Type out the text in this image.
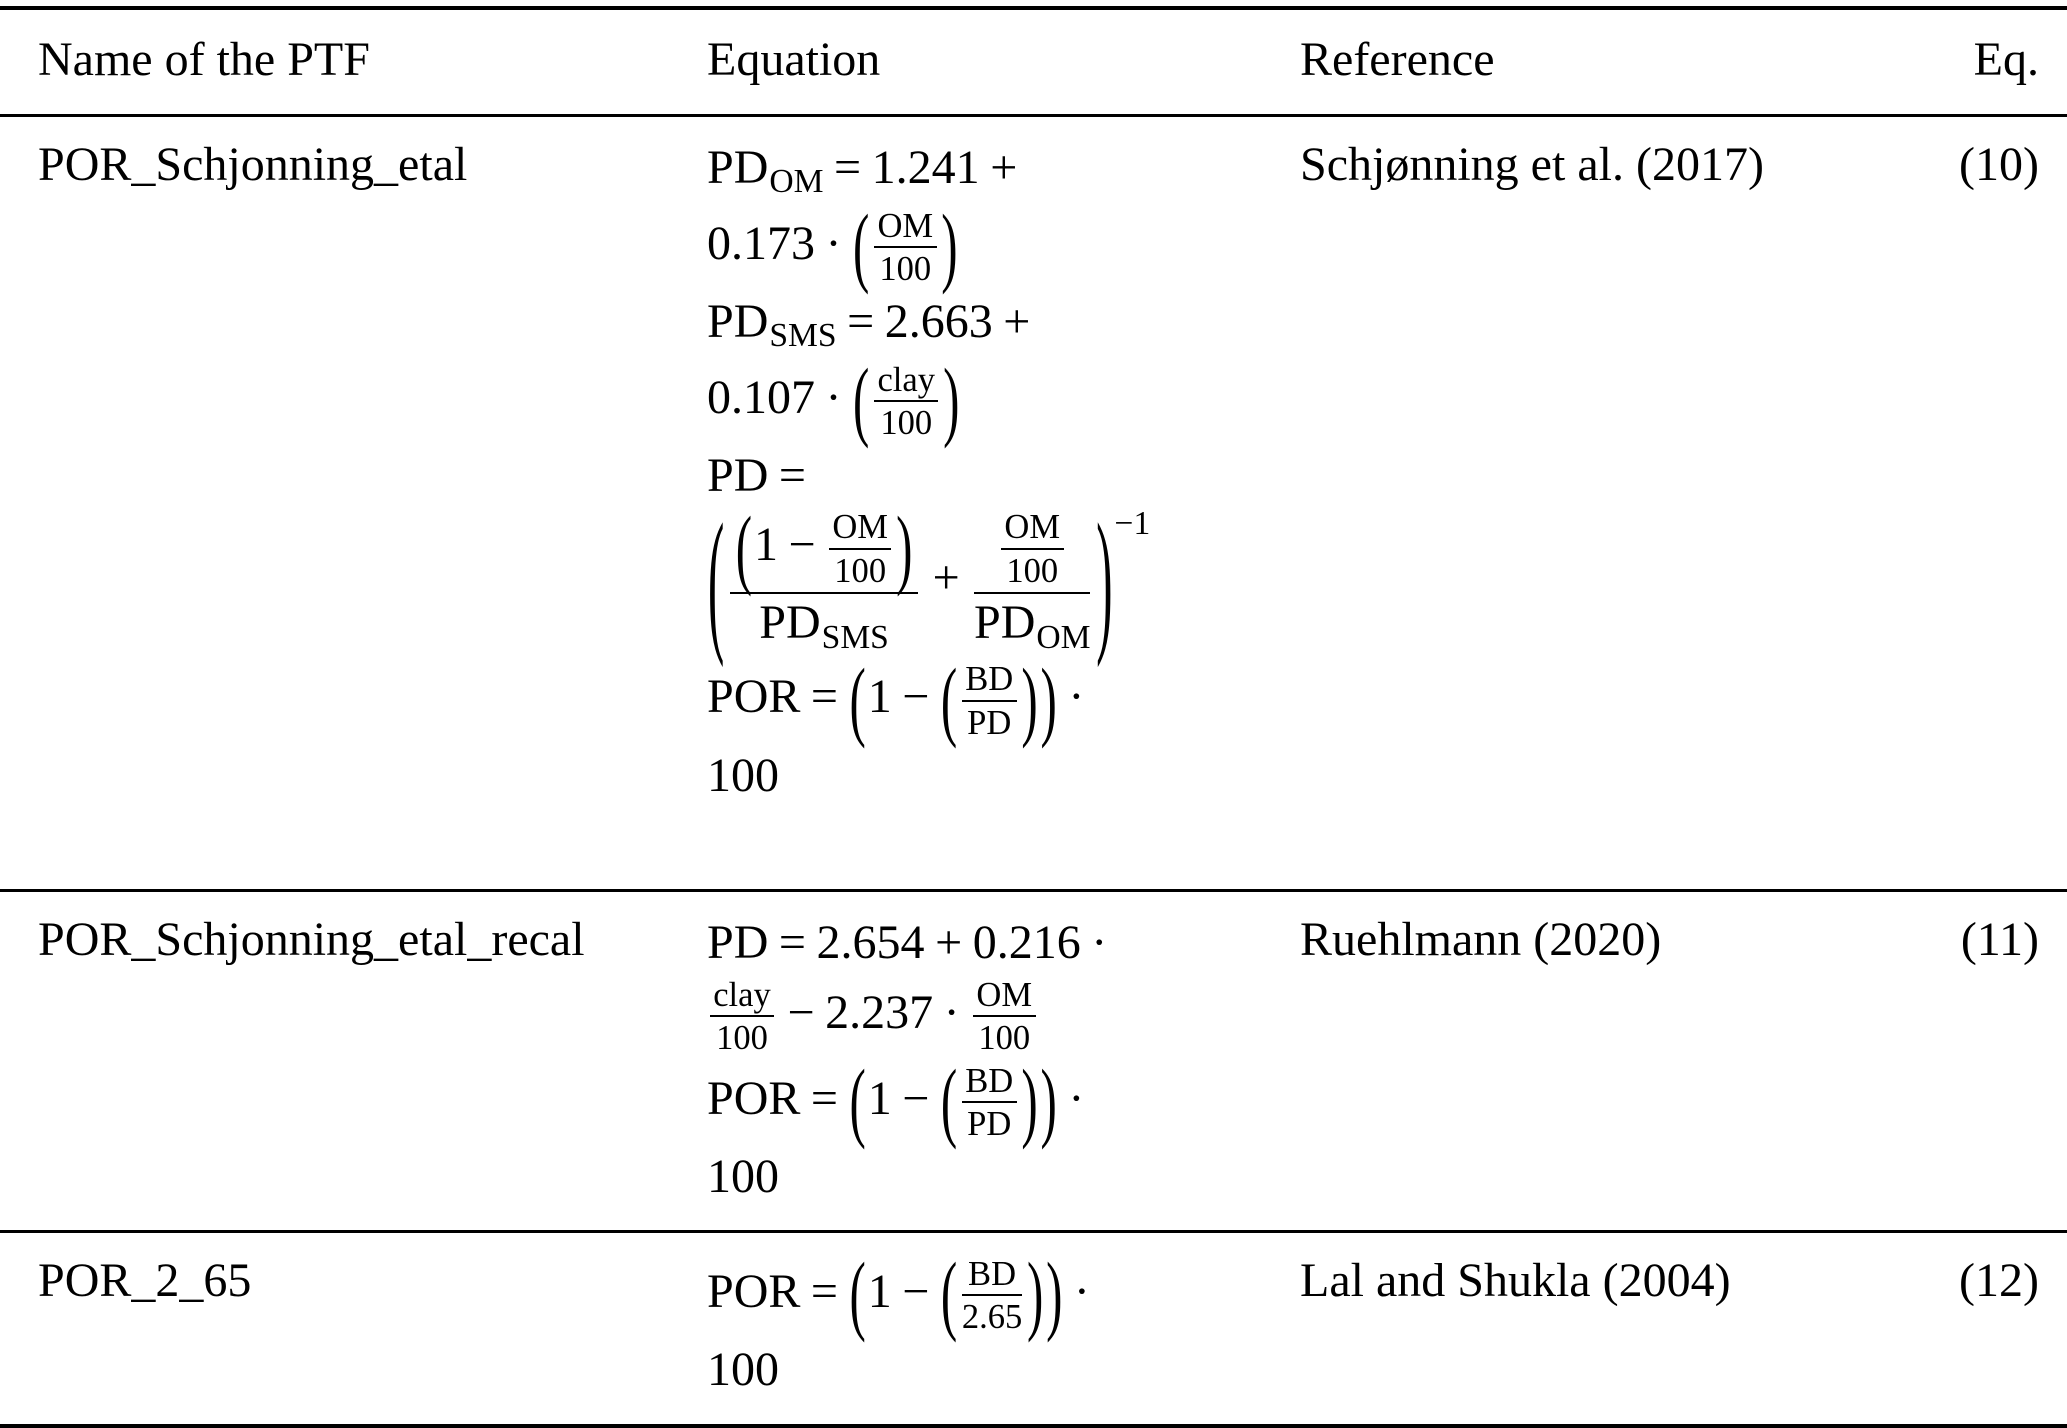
Name of the PTF	Equation	Reference	Eq.
POR_Schjonning_etal	PDOM = 1.241 +
0.173 · ( $\frac{OM}{100}$ )
PDSMS = 2.663 +
0.107 · ( $\frac{\text{clay}}{100}$ )
PD =
( $\frac{( 1 - \frac{OM}{100} )}{\text{PDSMS}} + \frac{\frac{OM}{100}}{\text{PDOM}}$ ) −1
POR = ( 1 − ( $\frac{BD}{PD}$ ) ) ·
100
Schjønning et al. (2017)	(10)
POR_Schjonning_etal_recal	PD = 2.654 + 0.216 ·
$\frac{\text{clay}}{100} - 2.237 \cdot \frac{OM}{100}$
POR = ( 1 − ( $\frac{BD}{PD}$ ) ) ·
100
Ruehlmann (2020)	(11)
POR_2_65	POR = ( 1 − ( $\frac{BD}{2.65}$ ) ) ·
100
Lal and Shukla (2004)	(12)
